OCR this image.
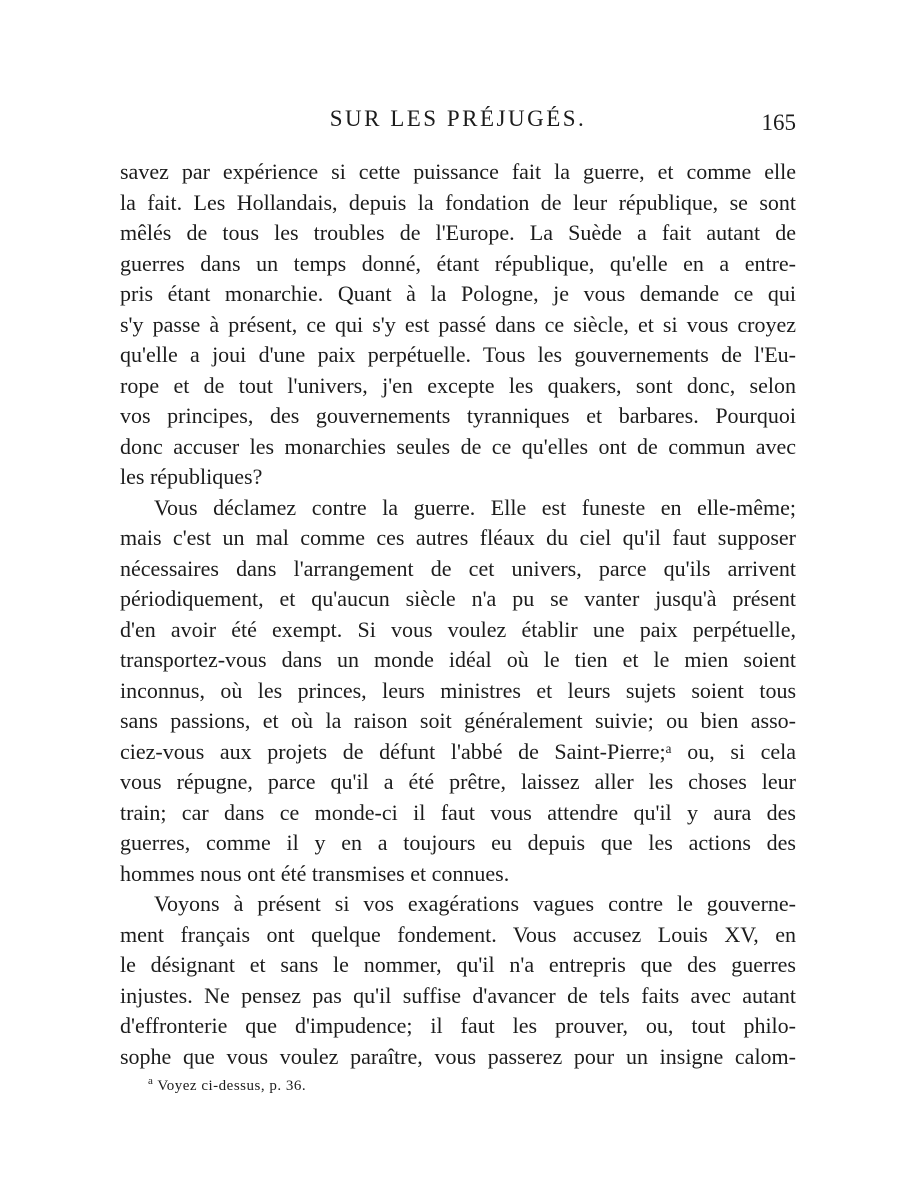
SUR LES PRÉJUGÉS.	165
savez par expérience si cette puissance fait la guerre, et comme elle
la fait. Les Hollandais, depuis la fondation de leur république, se sont
mêlés de tous les troubles de l'Europe. La Suède a fait autant de
guerres dans un temps donné, étant république, qu'elle en a entre-
pris étant monarchie. Quant à la Pologne, je vous demande ce qui
s'y passe à présent, ce qui s'y est passé dans ce siècle, et si vous croyez
qu'elle a joui d'une paix perpétuelle. Tous les gouvernements de l'Eu-
rope et de tout l'univers, j'en excepte les quakers, sont donc, selon
vos principes, des gouvernements tyranniques et barbares. Pourquoi
donc accuser les monarchies seules de ce qu'elles ont de commun avec
les républiques?
Vous déclamez contre la guerre. Elle est funeste en elle-même;
mais c'est un mal comme ces autres fléaux du ciel qu'il faut supposer
nécessaires dans l'arrangement de cet univers, parce qu'ils arrivent
périodiquement, et qu'aucun siècle n'a pu se vanter jusqu'à présent
d'en avoir été exempt. Si vous voulez établir une paix perpétuelle,
transportez-vous dans un monde idéal où le tien et le mien soient
inconnus, où les princes, leurs ministres et leurs sujets soient tous
sans passions, et où la raison soit généralement suivie; ou bien asso-
ciez-vous aux projets de défunt l'abbé de Saint-Pierre;ᵃ ou, si cela
vous répugne, parce qu'il a été prêtre, laissez aller les choses leur
train; car dans ce monde-ci il faut vous attendre qu'il y aura des
guerres, comme il y en a toujours eu depuis que les actions des
hommes nous ont été transmises et connues.
Voyons à présent si vos exagérations vagues contre le gouverne-
ment français ont quelque fondement. Vous accusez Louis XV, en
le désignant et sans le nommer, qu'il n'a entrepris que des guerres
injustes. Ne pensez pas qu'il suffise d'avancer de tels faits avec autant
d'effronterie que d'impudence; il faut les prouver, ou, tout philo-
sophe que vous voulez paraître, vous passerez pour un insigne calom-
$^a$ Voyez ci-dessus, p. 36.
